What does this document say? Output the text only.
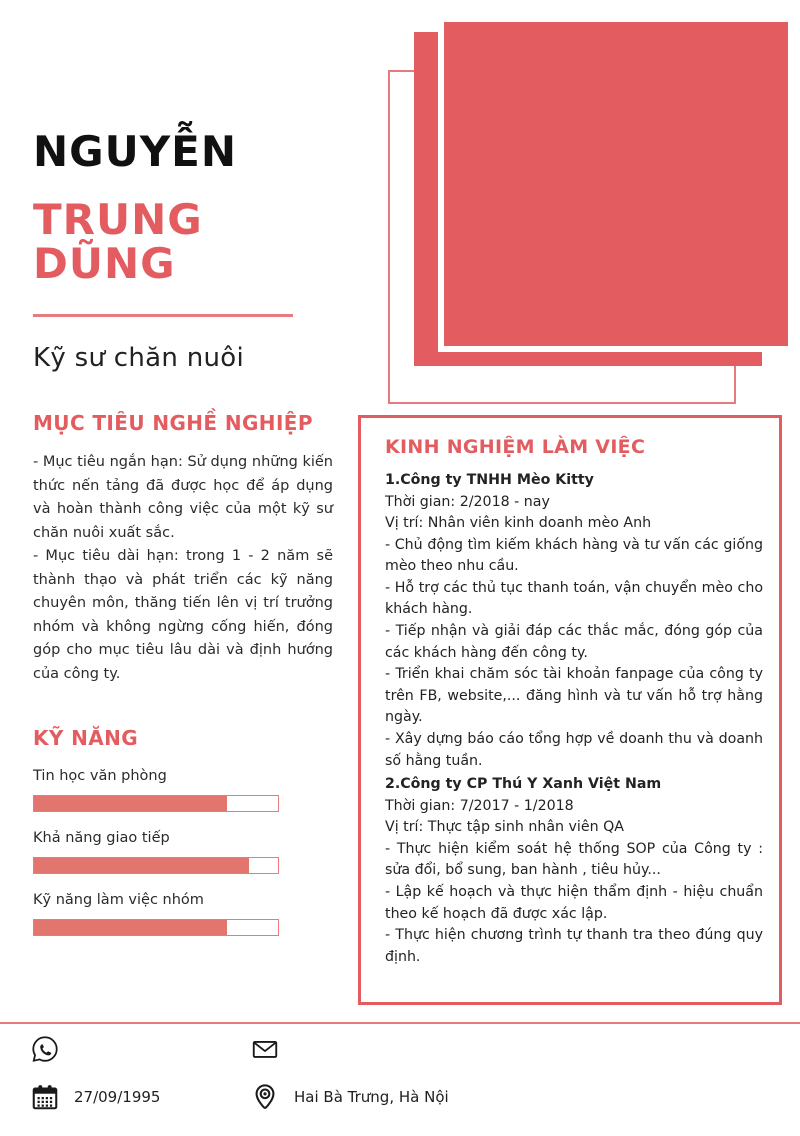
NGUYỄN
TRUNG DŨNG
Kỹ sư chăn nuôi
MỤC TIÊU NGHỀ NGHIỆP

- Mục tiêu ngắn hạn: Sử dụng những kiến thức nến tảng đã được học để áp dụng và hoàn thành công việc của một kỹ sư chăn nuôi xuất sắc.

- Mục tiêu dài hạn: trong 1 - 2 năm sẽ thành thạo và phát triển các kỹ năng chuyên môn, thăng tiến lên vị trí trưởng nhóm và không ngừng cống hiến, đóng góp cho mục tiêu lâu dài và định hướng của công ty.

KỸ NĂNG
Tin học văn phòng
Khả năng giao tiếp
Kỹ năng làm việc nhóm
KINH NGHIỆM LÀM VIỆC

1.Công ty TNHH Mèo Kitty

Thời gian: 2/2018 - nay

Vị trí: Nhân viên kinh doanh mèo Anh

- Chủ động tìm kiếm khách hàng và tư vấn các giống mèo theo nhu cầu.

- Hỗ trợ các thủ tục thanh toán, vận chuyển mèo cho khách hàng.

- Tiếp nhận và giải đáp các thắc mắc, đóng góp của các khách hàng đến công ty.

- Triển khai chăm sóc tài khoản fanpage của công ty trên FB, website,... đăng hình và tư vấn hỗ trợ hằng ngày.

- Xây dựng báo cáo tổng hợp về doanh thu và doanh số hằng tuần.

2.Công ty CP Thú Y Xanh Việt Nam

Thời gian: 7/2017 - 1/2018

Vị trí: Thực tập sinh nhân viên QA

- Thực hiện kiểm soát hệ thống SOP của Công ty : sửa đổi, bổ sung, ban hành , tiêu hủy...

- Lập kế hoạch và thực hiện thẩm định - hiệu chuẩn theo kế hoạch đã được xác lập.

- Thực hiện chương trình tự thanh tra theo đúng quy định.

27/09/1995	Hai Bà Trưng, Hà Nội
